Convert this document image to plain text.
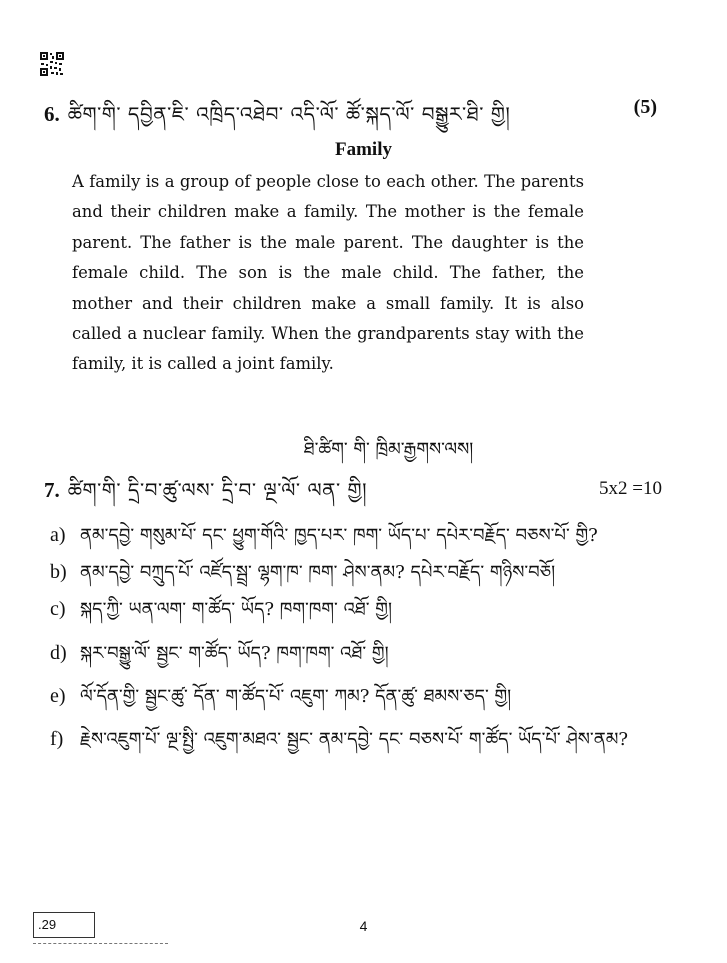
6. ཚིག་གི་ དབྱིན་ཇི་ འཁྲིད་འཐེབ་ འདི་ལོ་ ཚོ་སྐད་ལོ་ བསྒྱུར་ཐི་ གྱི།	(5)
Family

A family is a group of people close to each other. The parents and their children make a family. The mother is the female parent. The father is the male parent. The daughter is the female child. The son is the male child. The father, the mother and their children make a small family. It is also called a nuclear family. When the grandparents stay with the family, it is called a joint family.

ཐི་ཚིག་ གི་ ཁྲིམ་རྒྱགས་ལས།
7. ཚིག་གི་ དྲི་བ་ཚུ་ལས་ དྲི་བ་ ལྔ་ལོ་ ལན་ གྱི།	5x2 =10
a) ནམ་དབྱེ་ གསུམ་པོ་ དང་ ཕྱུག་གོའི་ ཁྱད་པར་ ཁག་ ཡོད་པ་ དཔེར་བརྗོད་ བཅས་པོ་ གྱི?
b) ནམ་དབྱེ་ བཀྲུད་པོ་ འཛོད་སྦྲ་ ལྷག་ཁ་ ཁག་ ཤེས་ནམ? དཔེར་བརྗོད་ གཉིས་བཅོ།
c) སྐད་ཀྱི་ ཡན་ལག་ ག་ཚོད་ ཡོད? ཁག་ཁག་ འཐོ་ གྱི།
d) སྐར་བསྒྱུ་ལོ་ སྦྱང་ ག་ཚོད་ ཡོད? ཁག་ཁག་ འཐོ་ གྱི།
e) ལོ་དོན་གྱི་ སྦྱང་ཚུ་ དོན་ ག་ཚོད་པོ་ འཇུག་ ཀམ? དོན་ཚུ་ ཐམས་ཅད་ གྱི།
f) རྗེས་འཇུག་པོ་ ལྔ་སྤྱི་ འཇུག་མཐའ་ སྦྱང་ ནམ་དབྱེ་ དང་ བཅས་པོ་ ག་ཚོད་ ཡོད་པོ་ ཤེས་ནམ?
.29	4
